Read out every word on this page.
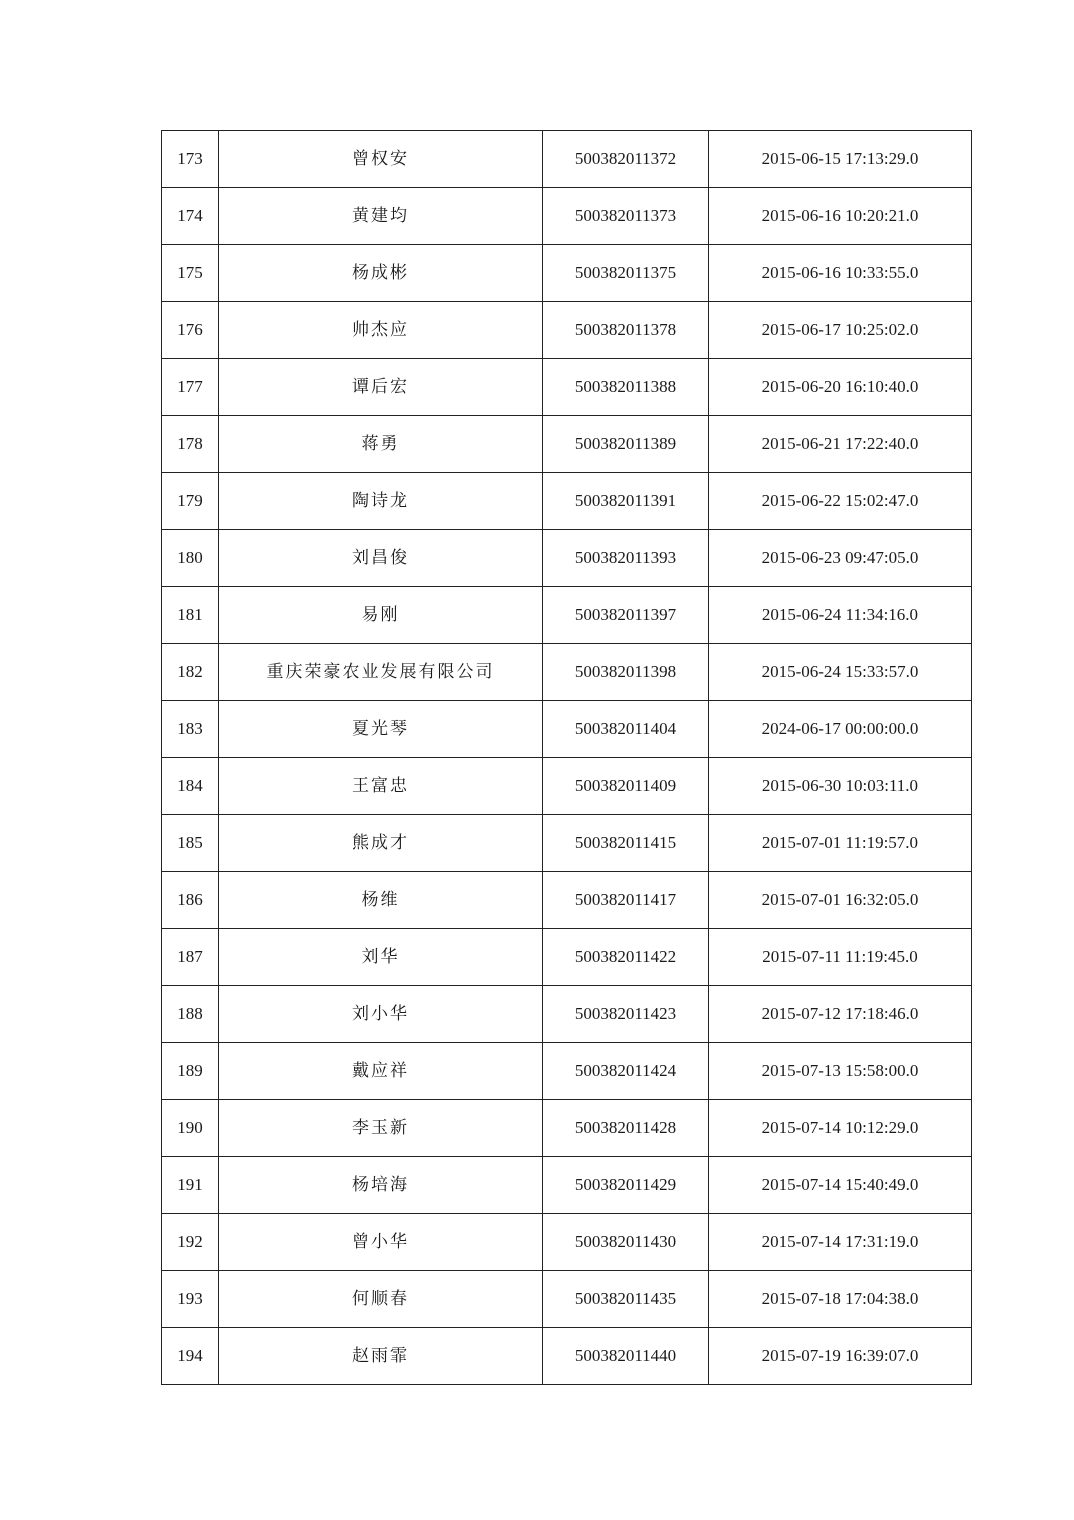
173	曾权安	500382011372	2015-06-15 17:13:29.0
174	黄建均	500382011373	2015-06-16 10:20:21.0
175	杨成彬	500382011375	2015-06-16 10:33:55.0
176	帅杰应	500382011378	2015-06-17 10:25:02.0
177	谭后宏	500382011388	2015-06-20 16:10:40.0
178	蒋勇	500382011389	2015-06-21 17:22:40.0
179	陶诗龙	500382011391	2015-06-22 15:02:47.0
180	刘昌俊	500382011393	2015-06-23 09:47:05.0
181	易刚	500382011397	2015-06-24 11:34:16.0
182	重庆荣豪农业发展有限公司	500382011398	2015-06-24 15:33:57.0
183	夏光琴	500382011404	2024-06-17 00:00:00.0
184	王富忠	500382011409	2015-06-30 10:03:11.0
185	熊成才	500382011415	2015-07-01 11:19:57.0
186	杨维	500382011417	2015-07-01 16:32:05.0
187	刘华	500382011422	2015-07-11 11:19:45.0
188	刘小华	500382011423	2015-07-12 17:18:46.0
189	戴应祥	500382011424	2015-07-13 15:58:00.0
190	李玉新	500382011428	2015-07-14 10:12:29.0
191	杨培海	500382011429	2015-07-14 15:40:49.0
192	曾小华	500382011430	2015-07-14 17:31:19.0
193	何顺春	500382011435	2015-07-18 17:04:38.0
194	赵雨霏	500382011440	2015-07-19 16:39:07.0
